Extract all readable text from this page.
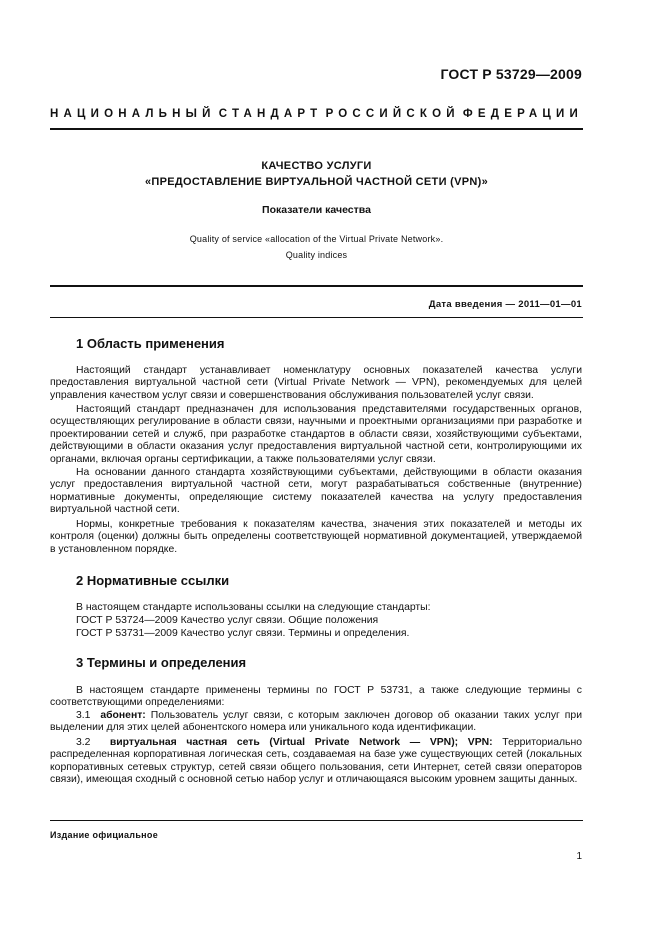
ГОСТ Р 53729—2009
НАЦИОНАЛЬНЫЙ СТАНДАРТ РОССИЙСКОЙ ФЕДЕРАЦИИ
КАЧЕСТВО УСЛУГИ
«ПРЕДОСТАВЛЕНИЕ ВИРТУАЛЬНОЙ ЧАСТНОЙ СЕТИ (VPN)»
Показатели качества
Quality of service «allocation of the Virtual Private Network».
Quality indices
Дата введения — 2011—01—01
1 Область применения

Настоящий стандарт устанавливает номенклатуру основных показателей качества услуги предоставления виртуальной частной сети (Virtual Private Network — VPN), рекомендуемых для целей управления качеством услуг связи и совершенствования обслуживания пользователей услуг связи.

Настоящий стандарт предназначен для использования представителями государственных органов, осуществляющих регулирование в области связи, научными и проектными организациями при разработке и проектировании сетей и служб, при разработке стандартов в области связи, хозяйствующими субъектами, действующими в области оказания услуг предоставления виртуальной частной сети, контролирующими их органами, включая органы сертификации, а также пользователями услуг связи.

На основании данного стандарта хозяйствующими субъектами, действующими в области оказания услуг предоставления виртуальной частной сети, могут разрабатываться собственные (внутренние) нормативные документы, определяющие систему показателей качества на услугу предоставления виртуальной частной сети.

Нормы, конкретные требования к показателям качества, значения этих показателей и методы их контроля (оценки) должны быть определены соответствующей нормативной документацией, утверждаемой в установленном порядке.

2 Нормативные ссылки
В настоящем стандарте использованы ссылки на следующие стандарты:
ГОСТ Р 53724—2009 Качество услуг связи. Общие положения
ГОСТ Р 53731—2009 Качество услуг связи. Термины и определения.
3 Термины и определения

В настоящем стандарте применены термины по ГОСТ Р 53731, а также следующие термины с соответствующими определениями:

3.1 абонент: Пользователь услуг связи, с которым заключен договор об оказании таких услуг при выделении для этих целей абонентского номера или уникального кода идентификации.

3.2 виртуальная частная сеть (Virtual Private Network — VPN); VPN: Территориально распределенная корпоративная логическая сеть, создаваемая на базе уже существующих сетей (локальных корпоративных сетевых структур, сетей связи общего пользования, сети Интернет, сетей связи операторов связи), имеющая сходный с основной сетью набор услуг и отличающаяся высоким уровнем защиты данных.

Издание официальное
1
